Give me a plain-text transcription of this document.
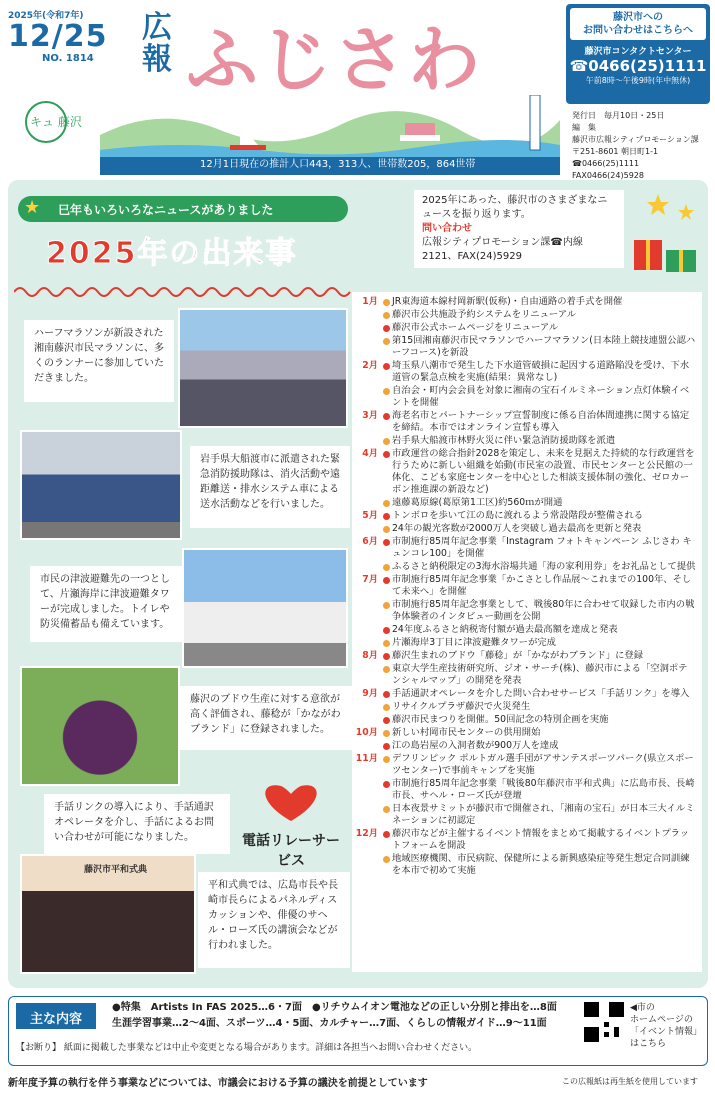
2025年(令和7年)
12/25
NO. 1814
キュ 藤沢
広報 ふじさわ
12月1日現在の推計人口443，313人、世帯数205，864世帯
藤沢市への
お問い合わせはこちらへ
藤沢市コンタクトセンター
☎0466(25)1111
午前8時～午後9時(年中無休)
発行日　毎月10日・25日
編　集
藤沢市広報シティプロモーション課
〒251-8601 朝日町1-1
☎0466(25)1111 FAX0466(24)5928
巳年もいろいろなニュースがありました
★
2025年の出来事
2025年にあった、藤沢市のさまざまなニュースを振り返ります。
問い合わせ
広報シティプロモーション課☎内線2121、FAX(24)5929
ハーフマラソンが新設された湘南藤沢市民マラソンに、多くのランナーに参加していただきました。
岩手県大船渡市に派遣された緊急消防援助隊は、消火活動や遠距離送・排水システム車による送水活動などを行いました。
市民の津波避難先の一つとして、片瀬海岸に津波避難タワーが完成しました。トイレや防災備蓄品も備えています。
藤沢のブドウ生産に対する意欲が高く評価され、藤稔が「かながわブランド」に登録されました。
手話リンクの導入により、手話通訳オペレータを介し、手話によるお問い合わせが可能になりました。	電話リレーサービス
藤沢市平和式典
平和式典では、広島市長や長崎市長らによるパネルディスカッションや、俳優のサヘル・ローズ氏の講演会などが行われました。
1月	JR東海道本線村岡新駅(仮称)・自由通路の着手式を開催
藤沢市公共施設予約システムをリニューアル
藤沢市公式ホームページをリニューアル
第15回湘南藤沢市民マラソンでハーフマラソン(日本陸上競技連盟公認ハーフコース)を新設
2月	埼玉県八潮市で発生した下水道管破損に起因する道路陥没を受け、下水道管の緊急点検を実施(結果：異常なし)
自治会・町内会会員を対象に湘南の宝石イルミネーション点灯体験イベントを開催
3月	海老名市とパートナーシップ宣誓制度に係る自治体間連携に関する協定を締結。本市ではオンライン宣誓も導入
岩手県大船渡市林野火災に伴い緊急消防援助隊を派遣
4月	市政運営の総合指針2028を策定し、未来を見据えた持続的な行政運営を行うために新しい組織を始動(市民室の設置、市民センターと公民館の一体化、こども家庭センターを中心とした相談支援体制の強化、ゼロカーボン推進課の新設など)
遠藤葛原線(葛原第1工区)約560ｍが開通
5月	トンボロを歩いて江の島に渡れるよう常設階段が整備される
24年の観光客数が2000万人を突破し過去最高を更新と発表
6月	市制施行85周年記念事業「Instagram フォトキャンペーン ふじさわ キュンコレ100」を開催
ふるさと納税限定の3海水浴場共通「海の家利用券」をお礼品として提供
7月	市制施行85周年記念事業「かこさとし作品展～これまでの100年、そして未来へ」を開催
市制施行85周年記念事業として、戦後80年に合わせて収録した市内の戦争体験者のインタビュー動画を公開
24年度ふるさと納税寄付額が過去最高額を達成と発表
片瀬海岸3丁目に津波避難タワーが完成
8月	藤沢生まれのブドウ「藤稔」が「かながわブランド」に登録
東京大学生産技術研究所、ジオ・サーチ(株)、藤沢市による「空洞ポテンシャルマップ」の開発を発表
9月	手話通訳オペレータを介した問い合わせサービス「手話リンク」を導入
リサイクルプラザ藤沢で火災発生
藤沢市民まつりを開催。50回記念の特別企画を実施
10月	新しい村岡市民センターの供用開始
江の島岩屋の入洞者数が900万人を達成
11月	デフリンピック ポルトガル選手団がアサンテスポーツパーク(県立スポーツセンター)で事前キャンプを実施
市制施行85周年記念事業「戦後80年藤沢市平和式典」に広島市長、長崎市長、サヘル・ローズ氏が登壇
日本夜景サミットが藤沢市で開催され、「湘南の宝石」が日本三大イルミネーションに初認定
12月	藤沢市などが主催するイベント情報をまとめて掲載するイベントプラットフォームを開設
地域医療機関、市民病院、保健所による新興感染症等発生想定合同訓練を本市で初めて実施
主な内容
●特集　Artists In FAS 2025…6・7面　●リチウムイオン電池などの正しい分別と排出を…8面
生涯学習事業…2～4面、スポーツ…4・5面、カルチャー…7面、くらしの情報ガイド…9～11面
【お断り】 紙面に掲載した事業などは中止や変更となる場合があります。詳細は各担当へお問い合わせください。
◀市の
ホームページの
「イベント情報」
はこちら
新年度予算の執行を伴う事業などについては、市議会における予算の議決を前提としています	この広報紙は再生紙を使用しています
